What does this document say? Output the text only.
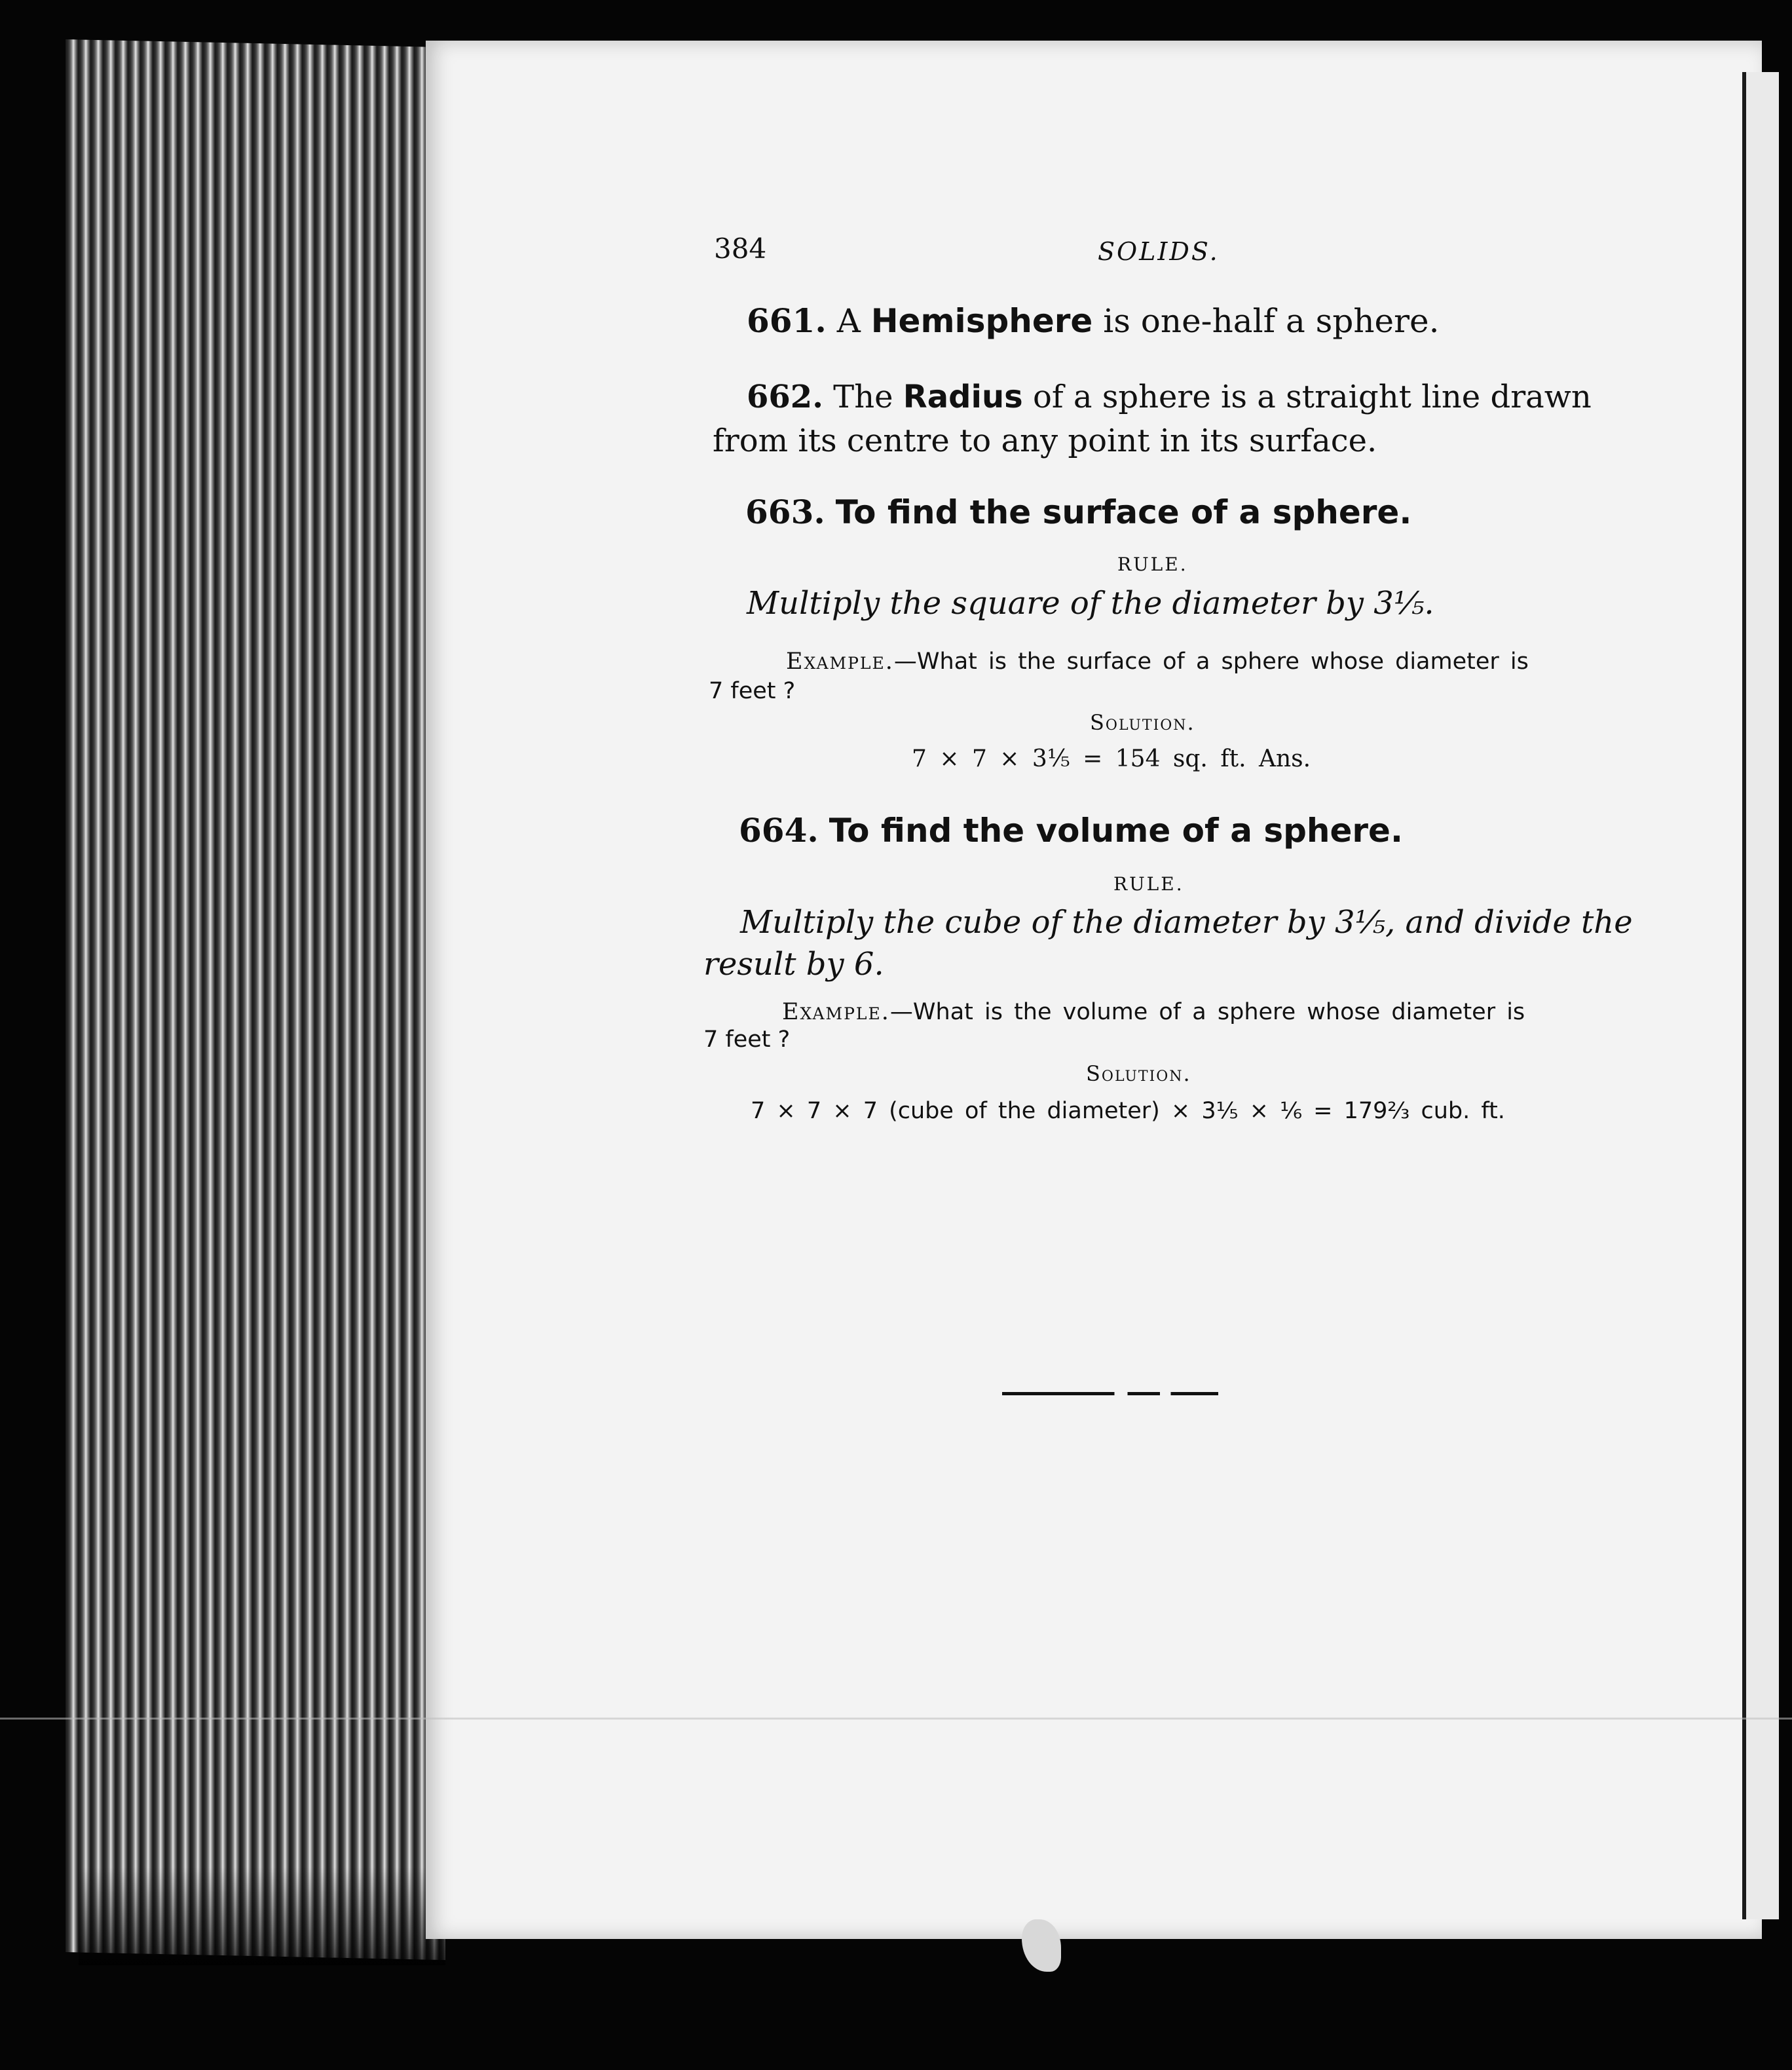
384	SOLIDS.
661. A Hemisphere is one-half a sphere.
662. The Radius of a sphere is a straight line drawn
from its centre to any point in its surface.
663. To find the surface of a sphere.
RULE.
Multiply the square of the diameter by 3⅕.
Example.—What is the surface of a sphere whose diameter is
7 feet ?
Solution.
7 × 7 × 3⅕ = 154 sq. ft. Ans.
664. To find the volume of a sphere.
RULE.
Multiply the cube of the diameter by 3⅕, and divide the
result by 6.
Example.—What is the volume of a sphere whose diameter is
7 feet ?
Solution.
7 × 7 × 7 (cube of the diameter) × 3⅕ × ⅙ = 179⅔ cub. ft.
